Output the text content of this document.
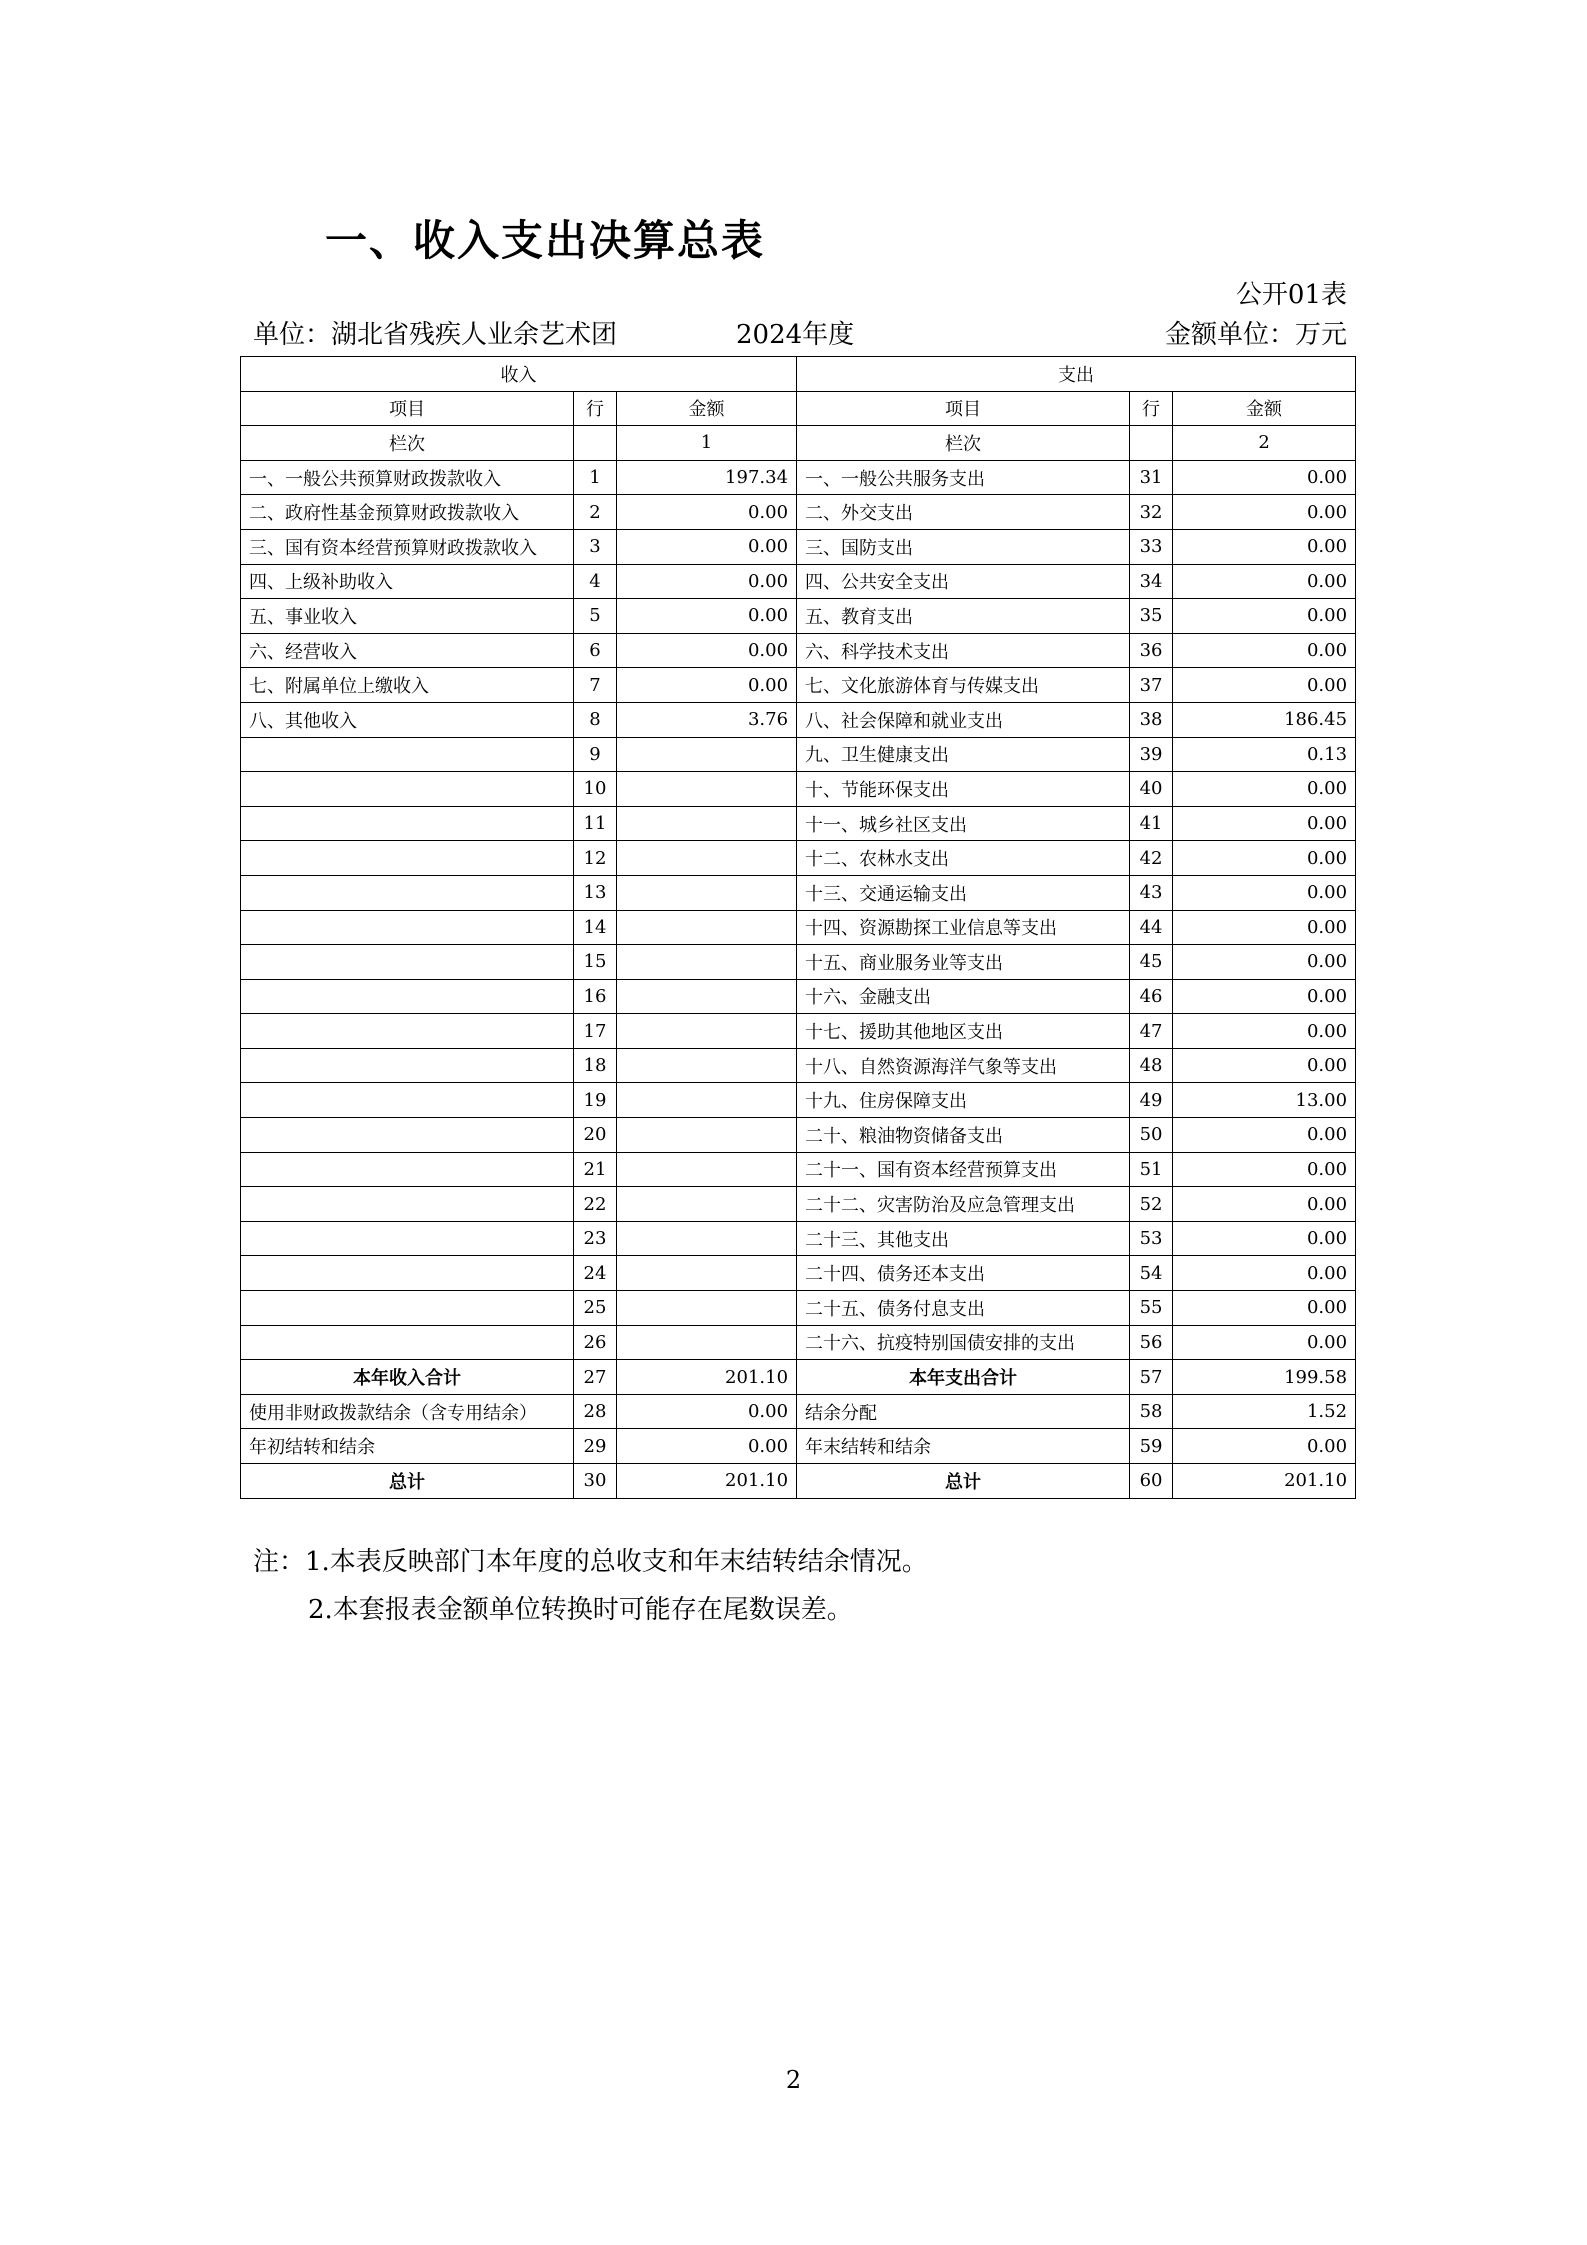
一、收入支出决算总表
公开01表
单位：湖北省残疾人业余艺术团	2024年度	金额单位：万元
收入			支出		
项目	行	金额	项目	行	金额
栏次		1	栏次		2
一、一般公共预算财政拨款收入	1	197.34	一、一般公共服务支出	31	0.00
二、政府性基金预算财政拨款收入	2	0.00	二、外交支出	32	0.00
三、国有资本经营预算财政拨款收入	3	0.00	三、国防支出	33	0.00
四、上级补助收入	4	0.00	四、公共安全支出	34	0.00
五、事业收入	5	0.00	五、教育支出	35	0.00
六、经营收入	6	0.00	六、科学技术支出	36	0.00
七、附属单位上缴收入	7	0.00	七、文化旅游体育与传媒支出	37	0.00
八、其他收入	8	3.76	八、社会保障和就业支出	38	186.45
	9		九、卫生健康支出	39	0.13
	10		十、节能环保支出	40	0.00
	11		十一、城乡社区支出	41	0.00
	12		十二、农林水支出	42	0.00
	13		十三、交通运输支出	43	0.00
	14		十四、资源勘探工业信息等支出	44	0.00
	15		十五、商业服务业等支出	45	0.00
	16		十六、金融支出	46	0.00
	17		十七、援助其他地区支出	47	0.00
	18		十八、自然资源海洋气象等支出	48	0.00
	19		十九、住房保障支出	49	13.00
	20		二十、粮油物资储备支出	50	0.00
	21		二十一、国有资本经营预算支出	51	0.00
	22		二十二、灾害防治及应急管理支出	52	0.00
	23		二十三、其他支出	53	0.00
	24		二十四、债务还本支出	54	0.00
	25		二十五、债务付息支出	55	0.00
	26		二十六、抗疫特别国债安排的支出	56	0.00
本年收入合计	27	201.10	本年支出合计	57	199.58
使用非财政拨款结余（含专用结余）	28	0.00	结余分配	58	1.52
年初结转和结余	29	0.00	年末结转和结余	59	0.00
总计	30	201.10	总计	60	201.10
注：1.本表反映部门本年度的总收支和年末结转结余情况。
2.本套报表金额单位转换时可能存在尾数误差。
2
